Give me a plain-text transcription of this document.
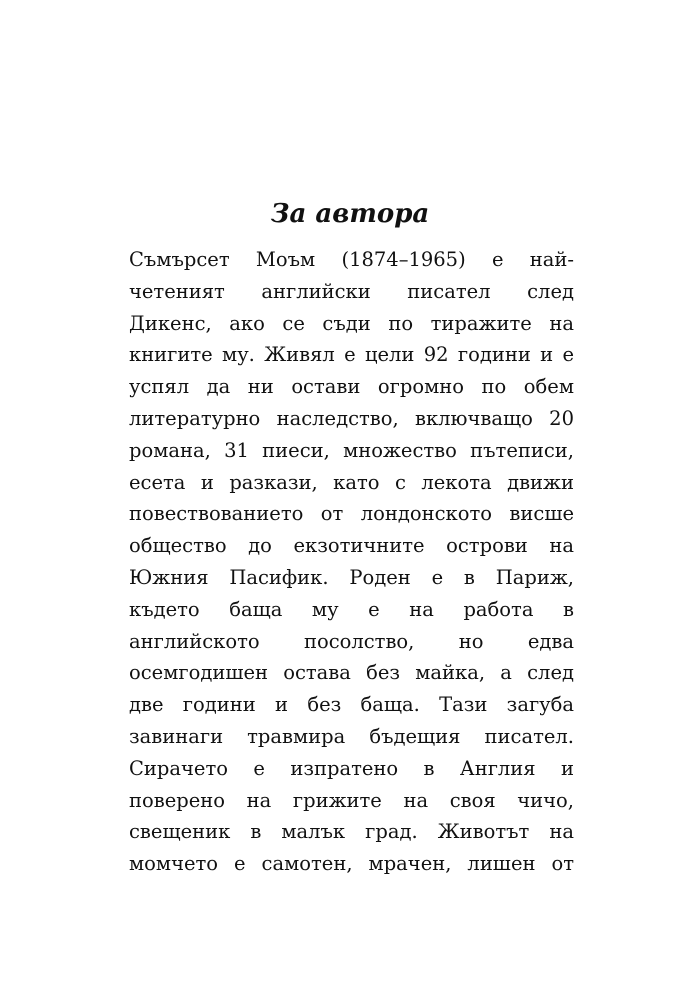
За автора
Съмърсет Моъм (1874–1965) е най-
четеният английски писател след
Дикенс, ако се съди по тиражите на
книгите му. Живял е цели 92 години и е
успял да ни остави огромно по обем
литературно наследство, включващо 20
романа, 31 пиеси, множество пътеписи,
есета и разкази, като с лекота движи
повествованието от лондонското висше
общество до екзотичните острови на
Южния Пасифик. Роден е в Париж,
където баща му е на работа в
английското посолство, но едва
осемгодишен остава без майка, а след
две години и без баща. Тази загуба
завинаги травмира бъдещия писател.
Сирачето е изпратено в Англия и
поверено на грижите на своя чичо,
свещеник в малък град. Животът на
момчето е самотен, мрачен, лишен от
